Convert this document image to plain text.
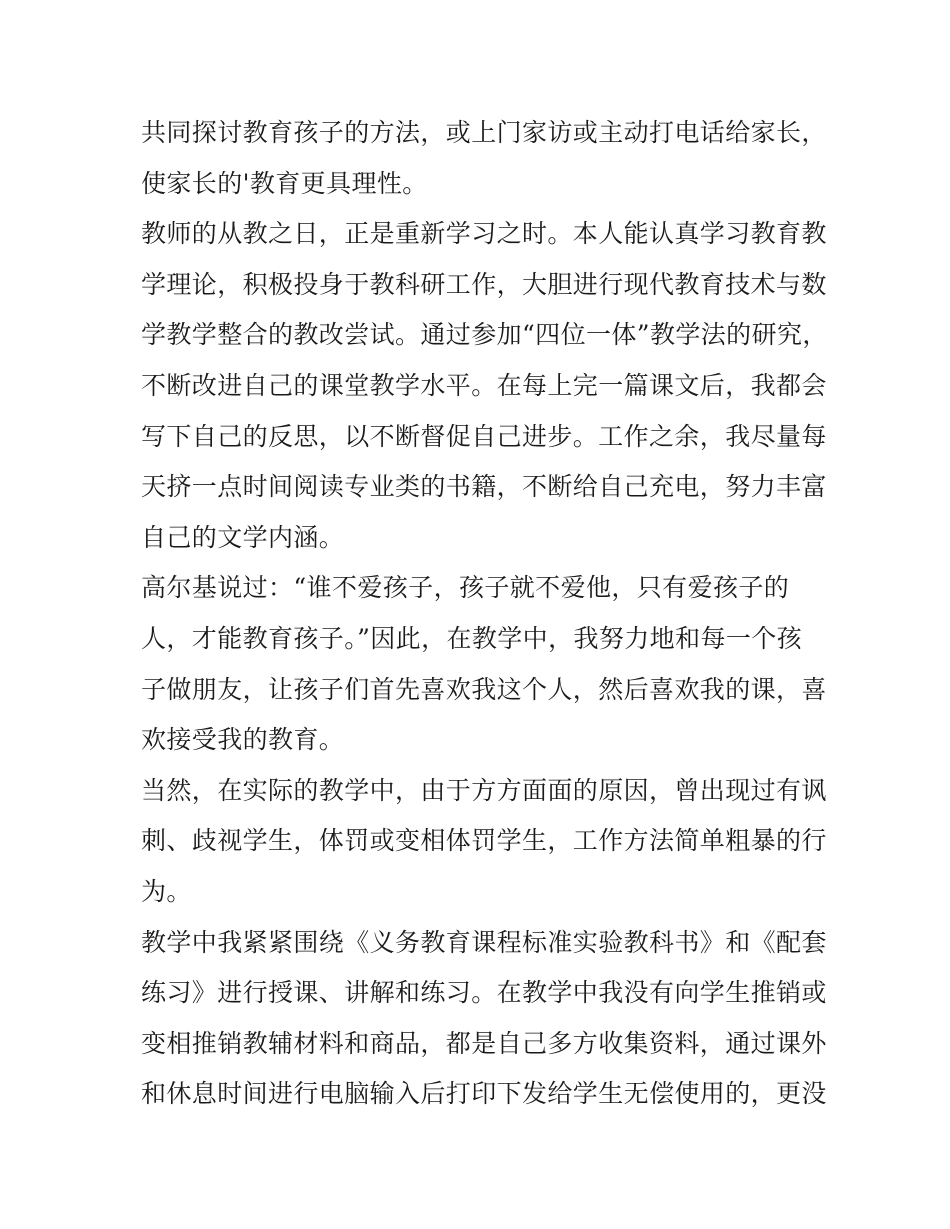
共同探讨教育孩子的方法，或上门家访或主动打电话给家长，
使家长的'教育更具理性。
教师的从教之日，正是重新学习之时。本人能认真学习教育教
学理论，积极投身于教科研工作，大胆进行现代教育技术与数
学教学整合的教改尝试。通过参加“四位一体”教学法的研究，
不断改进自己的课堂教学水平。在每上完一篇课文后，我都会
写下自己的反思，以不断督促自己进步。工作之余，我尽量每
天挤一点时间阅读专业类的书籍，不断给自己充电，努力丰富
自己的文学内涵。
高尔基说过：“谁不爱孩子，孩子就不爱他，只有爱孩子的
人，才能教育孩子。”因此，在教学中，我努力地和每一个孩
子做朋友，让孩子们首先喜欢我这个人，然后喜欢我的课，喜
欢接受我的教育。
当然，在实际的教学中，由于方方面面的原因，曾出现过有讽
刺、歧视学生，体罚或变相体罚学生，工作方法简单粗暴的行
为。
教学中我紧紧围绕《义务教育课程标准实验教科书》和《配套
练习》进行授课、讲解和练习。在教学中我没有向学生推销或
变相推销教辅材料和商品，都是自己多方收集资料，通过课外
和休息时间进行电脑输入后打印下发给学生无偿使用的，更没
